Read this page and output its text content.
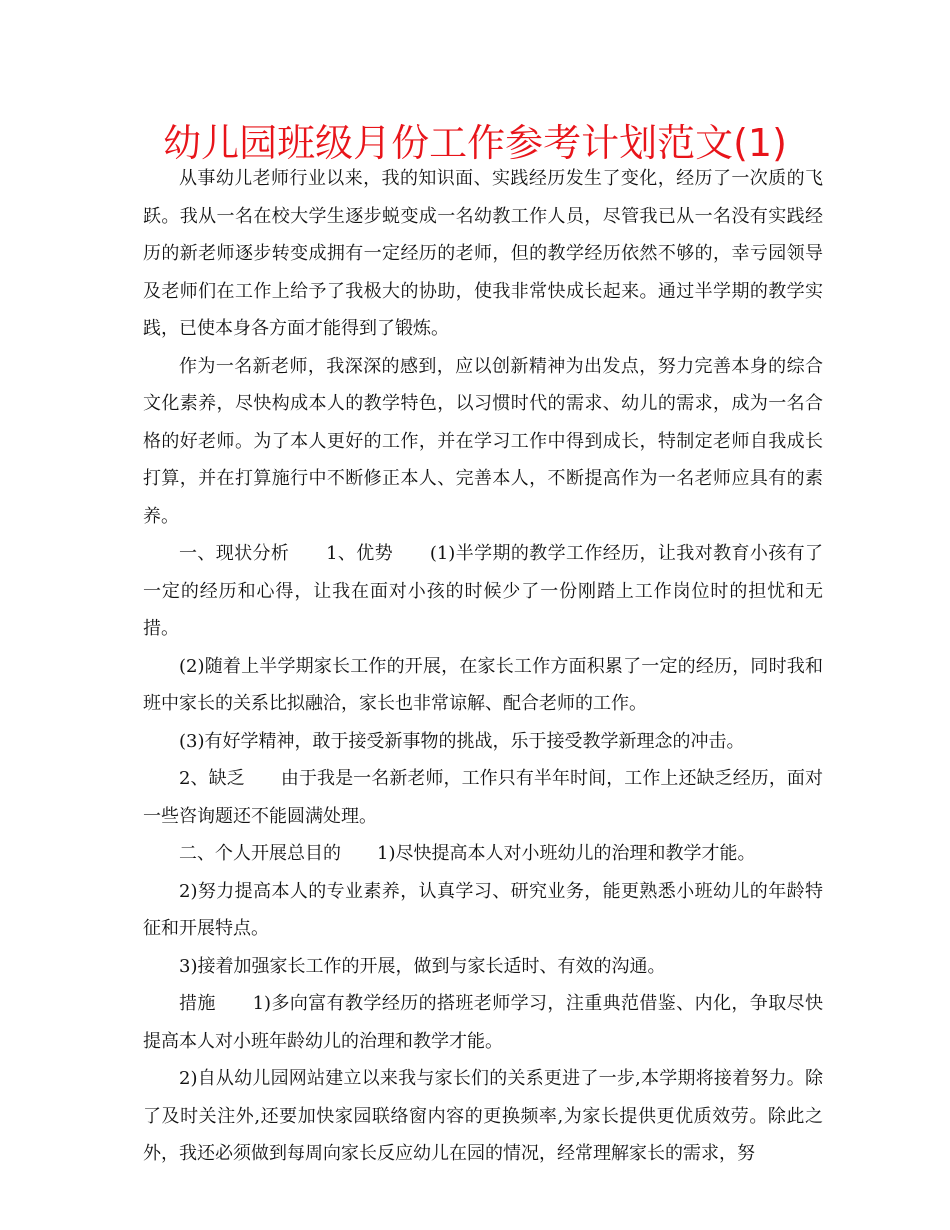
幼儿园班级月份工作参考计划范文(1)

从事幼儿老师行业以来，我的知识面、实践经历发生了变化，经历了一次质的飞跃。我从一名在校大学生逐步蜕变成一名幼教工作人员，尽管我已从一名没有实践经历的新老师逐步转变成拥有一定经历的老师，但的教学经历依然不够的，幸亏园领导及老师们在工作上给予了我极大的协助，使我非常快成长起来。通过半学期的教学实践，已使本身各方面才能得到了锻炼。

作为一名新老师，我深深的感到，应以创新精神为出发点，努力完善本身的综合文化素养，尽快构成本人的教学特色，以习惯时代的需求、幼儿的需求，成为一名合格的好老师。为了本人更好的工作，并在学习工作中得到成长，特制定老师自我成长打算，并在打算施行中不断修正本人、完善本人，不断提高作为一名老师应具有的素养。

一、现状分析　　1、优势　　(1)半学期的教学工作经历，让我对教育小孩有了一定的经历和心得，让我在面对小孩的时候少了一份刚踏上工作岗位时的担忧和无措。

(2)随着上半学期家长工作的开展，在家长工作方面积累了一定的经历，同时我和班中家长的关系比拟融洽，家长也非常谅解、配合老师的工作。

(3)有好学精神，敢于接受新事物的挑战，乐于接受教学新理念的冲击。

2、缺乏　　由于我是一名新老师，工作只有半年时间，工作上还缺乏经历，面对一些咨询题还不能圆满处理。

二、个人开展总目的　　1)尽快提高本人对小班幼儿的治理和教学才能。

2)努力提高本人的专业素养，认真学习、研究业务，能更熟悉小班幼儿的年龄特征和开展特点。

3)接着加强家长工作的开展，做到与家长适时、有效的沟通。

措施　　1)多向富有教学经历的搭班老师学习，注重典范借鉴、内化，争取尽快提高本人对小班年龄幼儿的治理和教学才能。

2)自从幼儿园网站建立以来我与家长们的关系更进了一步,本学期将接着努力。除了及时关注外,还要加快家园联络窗内容的更换频率,为家长提供更优质效劳。除此之外，我还必须做到每周向家长反应幼儿在园的情况，经常理解家长的需求，努
